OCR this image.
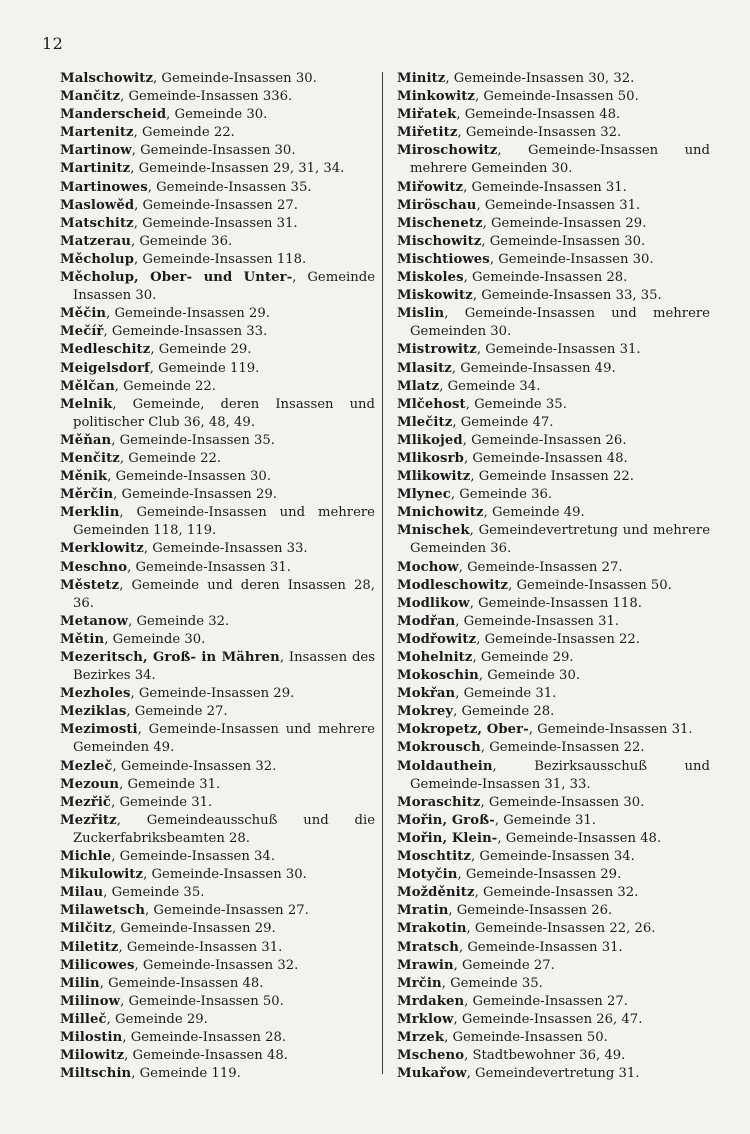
12

Malschowitz, Gemeinde-Insassen 30.

Mančitz, Gemeinde-Insassen 336.

Manderscheid, Gemeinde 30.

Martenitz, Gemeinde 22.

Martinow, Gemeinde-Insassen 30.

Martinitz, Gemeinde-Insassen 29, 31, 34.

Martinowes, Gemeinde-Insassen 35.

Maslowěd, Gemeinde-Insassen 27.

Matschitz, Gemeinde-Insassen 31.

Matzerau, Gemeinde 36.

Měcholup, Gemeinde-Insassen 118.

Měcholup, Ober- und Unter-, Gemeinde Insassen 30.

Měčin, Gemeinde-Insassen 29.

Mečíř, Gemeinde-Insassen 33.

Medleschitz, Gemeinde 29.

Meigelsdorf, Gemeinde 119.

Mělčan, Gemeinde 22.

Melnik, Gemeinde, deren Insassen und politischer Club 36, 48, 49.

Měňan, Gemeinde-Insassen 35.

Menčitz, Gemeinde 22.

Měnik, Gemeinde-Insassen 30.

Měrčin, Gemeinde-Insassen 29.

Merklin, Gemeinde-Insassen und mehrere Gemeinden 118, 119.

Merklowitz, Gemeinde-Insassen 33.

Meschno, Gemeinde-Insassen 31.

Městetz, Gemeinde und deren Insassen 28, 36.

Metanow, Gemeinde 32.

Mětin, Gemeinde 30.

Mezeritsch, Groß- in Mähren, Insassen des Bezirkes 34.

Mezholes, Gemeinde-Insassen 29.

Meziklas, Gemeinde 27.

Mezimosti, Gemeinde-Insassen und mehrere Gemeinden 49.

Mezleč, Gemeinde-Insassen 32.

Mezoun, Gemeinde 31.

Mezřič, Gemeinde 31.

Mezřitz, Gemeindeausschuß und die Zuckerfabriksbeamten 28.

Michle, Gemeinde-Insassen 34.

Mikulowitz, Gemeinde-Insassen 30.

Milau, Gemeinde 35.

Milawetsch, Gemeinde-Insassen 27.

Milčitz, Gemeinde-Insassen 29.

Miletitz, Gemeinde-Insassen 31.

Milicowes, Gemeinde-Insassen 32.

Milin, Gemeinde-Insassen 48.

Milinow, Gemeinde-Insassen 50.

Milleč, Gemeinde 29.

Milostin, Gemeinde-Insassen 28.

Milowitz, Gemeinde-Insassen 48.

Miltschin, Gemeinde 119.

Minitz, Gemeinde-Insassen 30, 32.

Minkowitz, Gemeinde-Insassen 50.

Miřatek, Gemeinde-Insassen 48.

Miřetitz, Gemeinde-Insassen 32.

Miroschowitz, Gemeinde-Insassen und mehrere Gemeinden 30.

Miřowitz, Gemeinde-Insassen 31.

Miröschau, Gemeinde-Insassen 31.

Mischenetz, Gemeinde-Insassen 29.

Mischowitz, Gemeinde-Insassen 30.

Mischtiowes, Gemeinde-Insassen 30.

Miskoles, Gemeinde-Insassen 28.

Miskowitz, Gemeinde-Insassen 33, 35.

Mislin, Gemeinde-Insassen und mehrere Gemeinden 30.

Mistrowitz, Gemeinde-Insassen 31.

Mlasitz, Gemeinde-Insassen 49.

Mlatz, Gemeinde 34.

Mlčehost, Gemeinde 35.

Mlečitz, Gemeinde 47.

Mlikojed, Gemeinde-Insassen 26.

Mlikosrb, Gemeinde-Insassen 48.

Mlikowitz, Gemeinde Insassen 22.

Mlynec, Gemeinde 36.

Mnichowitz, Gemeinde 49.

Mnischek, Gemeindevertretung und mehrere Gemeinden 36.

Mochow, Gemeinde-Insassen 27.

Modleschowitz, Gemeinde-Insassen 50.

Modlikow, Gemeinde-Insassen 118.

Modřan, Gemeinde-Insassen 31.

Modřowitz, Gemeinde-Insassen 22.

Mohelnitz, Gemeinde 29.

Mokoschin, Gemeinde 30.

Mokřan, Gemeinde 31.

Mokrey, Gemeinde 28.

Mokropetz, Ober-, Gemeinde-Insassen 31.

Mokrousch, Gemeinde-Insassen 22.

Moldauthein, Bezirksausschuß und Gemeinde-Insassen 31, 33.

Moraschitz, Gemeinde-Insassen 30.

Mořin, Groß-, Gemeinde 31.

Mořin, Klein-, Gemeinde-Insassen 48.

Moschtitz, Gemeinde-Insassen 34.

Motyčin, Gemeinde-Insassen 29.

Možděnitz, Gemeinde-Insassen 32.

Mratin, Gemeinde-Insassen 26.

Mrakotin, Gemeinde-Insassen 22, 26.

Mratsch, Gemeinde-Insassen 31.

Mrawin, Gemeinde 27.

Mrčin, Gemeinde 35.

Mrdaken, Gemeinde-Insassen 27.

Mrklow, Gemeinde-Insassen 26, 47.

Mrzek, Gemeinde-Insassen 50.

Mscheno, Stadtbewohner 36, 49.

Mukařow, Gemeindevertretung 31.
